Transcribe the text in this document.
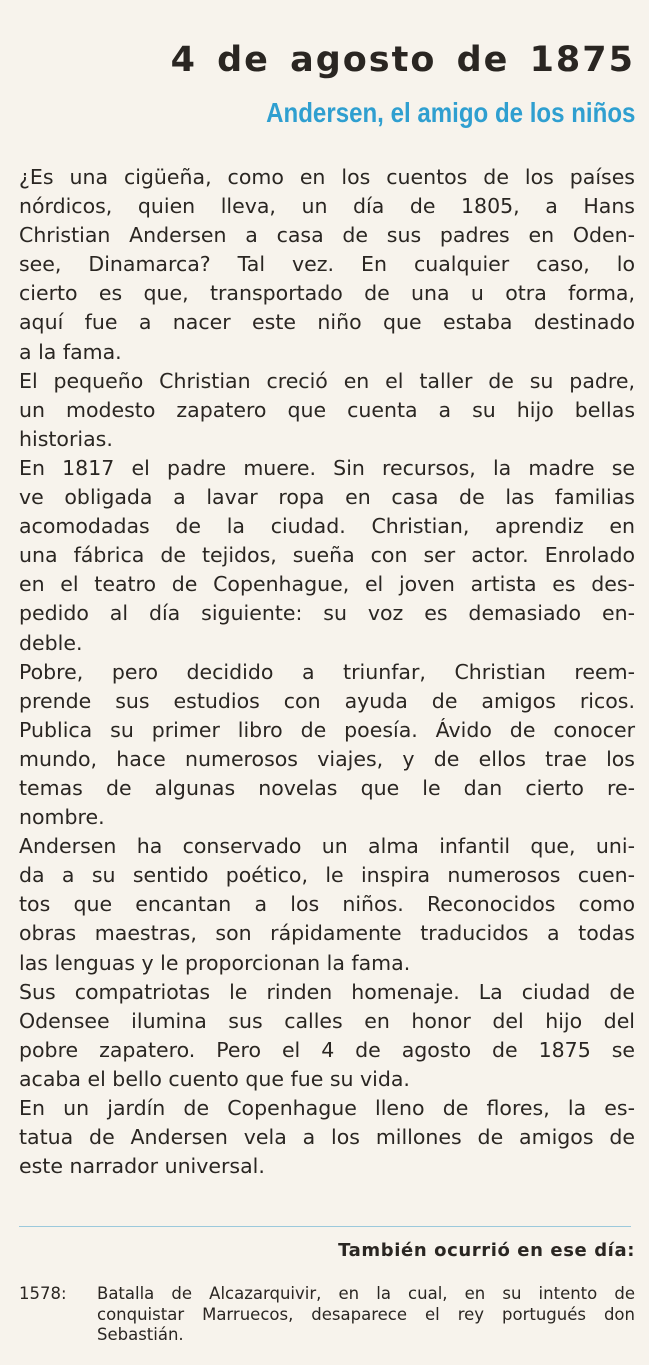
4 de agosto de 1875
Andersen, el amigo de los niños
¿Es una cigüeña, como en los cuentos de los países
nórdicos, quien lleva, un día de 1805, a Hans
Christian Andersen a casa de sus padres en Oden-
see, Dinamarca? Tal vez. En cualquier caso, lo
cierto es que, transportado de una u otra forma,
aquí fue a nacer este niño que estaba destinado
a la fama.
El pequeño Christian creció en el taller de su padre,
un modesto zapatero que cuenta a su hijo bellas
historias.
En 1817 el padre muere. Sin recursos, la madre se
ve obligada a lavar ropa en casa de las familias
acomodadas de la ciudad. Christian, aprendiz en
una fábrica de tejidos, sueña con ser actor. Enrolado
en el teatro de Copenhague, el joven artista es des-
pedido al día siguiente: su voz es demasiado en-
deble.
Pobre, pero decidido a triunfar, Christian reem-
prende sus estudios con ayuda de amigos ricos.
Publica su primer libro de poesía. Ávido de conocer
mundo, hace numerosos viajes, y de ellos trae los
temas de algunas novelas que le dan cierto re-
nombre.
Andersen ha conservado un alma infantil que, uni-
da a su sentido poético, le inspira numerosos cuen-
tos que encantan a los niños. Reconocidos como
obras maestras, son rápidamente traducidos a todas
las lenguas y le proporcionan la fama.
Sus compatriotas le rinden homenaje. La ciudad de
Odensee ilumina sus calles en honor del hijo del
pobre zapatero. Pero el 4 de agosto de 1875 se
acaba el bello cuento que fue su vida.
En un jardín de Copenhague lleno de flores, la es-
tatua de Andersen vela a los millones de amigos de
este narrador universal.
También ocurrió en ese día:
1578: Batalla de Alcazarquivir, en la cual, en su intento de
conquistar Marruecos, desaparece el rey portugués don
Sebastián.
